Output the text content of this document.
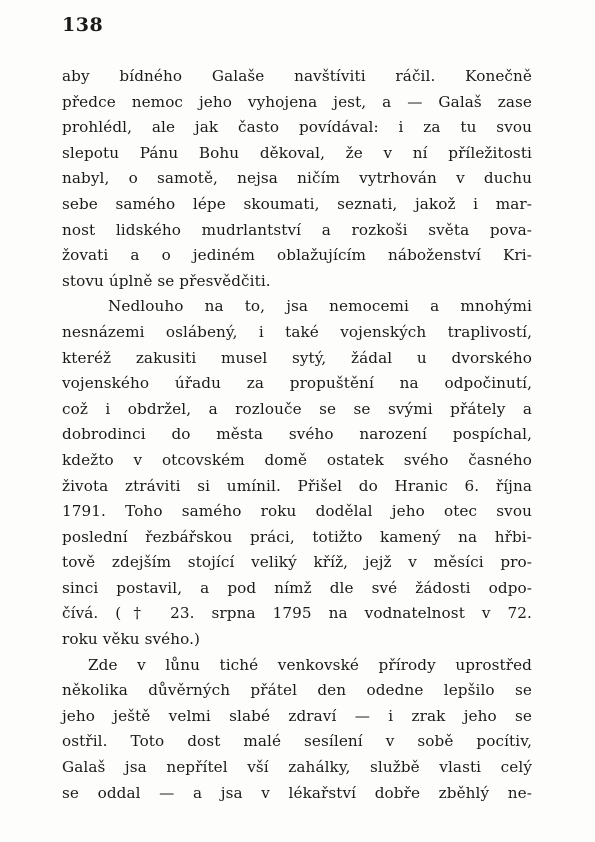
138
aby bídného Galaše navštíviti ráčil. Konečně
předce nemoc jeho vyhojena jest, a — Galaš zase
prohlédl, ale jak často povídával: i za tu svou
slepotu Pánu Bohu děkoval, že v ní příležitosti
nabyl, o samotě, nejsa ničím vytrhován v duchu
sebe samého lépe skoumati, seznati, jakož i mar-
nost lidského mudrlantství a rozkoši světa pova-
žovati a o jediném oblažujícím náboženství Kri-
stovu úplně se přesvědčiti.
Nedlouho na to, jsa nemocemi a mnohými
nesnázemi oslábený, i také vojenských traplivostí,
kteréž zakusiti musel sytý, žádal u dvorského
vojenského úřadu za propuštění na odpočinutí,
což i obdržel, a rozlouče se se svými přátely a
dobrodinci do města svého narození pospíchal,
kdežto v otcovském domě ostatek svého časného
života ztráviti si umínil. Přišel do Hranic 6. října
1791. Toho samého roku dodělal jeho otec svou
poslední řezbářskou práci, totižto kamený na hřbi-
tově zdejším stojící veliký kříž, jejž v měsíci pro-
sinci postavil, a pod nímž dle své žádosti odpo-
čívá. († 23. srpna 1795 na vodnatelnost v 72.
roku věku svého.)
Zde v lůnu tiché venkovské přírody uprostřed
několika důvěrných přátel den odedne lepšilo se
jeho ještě velmi slabé zdraví — i zrak jeho se
ostřil. Toto dost malé sesílení v sobě pocítiv,
Galaš jsa nepřítel vší zahálky, službě vlasti celý
se oddal — a jsa v lékařství dobře zběhlý ne-
